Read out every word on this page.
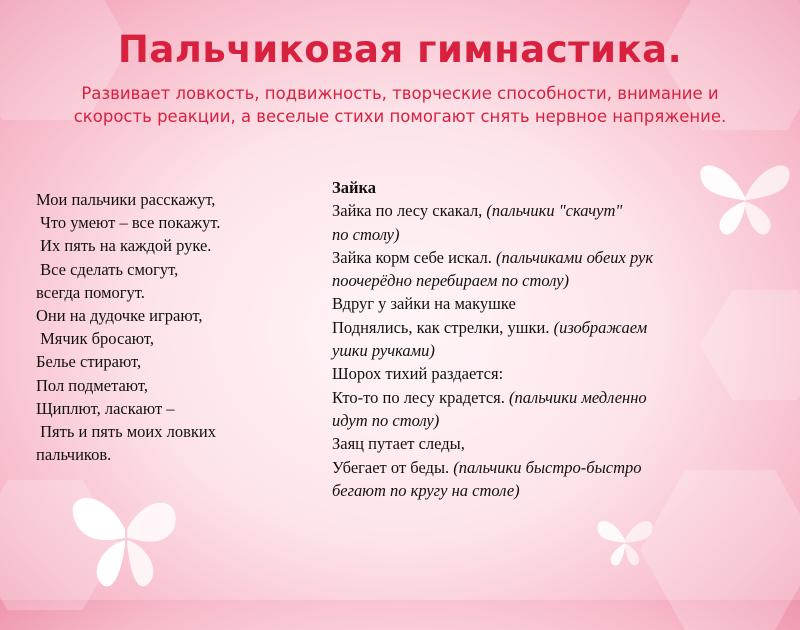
Пальчиковая гимнастика.

Развивает ловкость, подвижность, творческие способности, внимание и скорость реакции, а веселые стихи помогают снять нервное напряжение.

Мои пальчики расскажут,
Что умеют – все покажут.
Их пять на каждой руке.
Все сделать смогут,
всегда помогут.
Они на дудочке играют,
Мячик бросают,
Белье стирают,
Пол подметают,
Щиплют, ласкают –
Пять и пять моих ловких
пальчиков.
Зайка
Зайка по лесу скакал, (пальчики "скачут"
по столу)
Зайка корм себе искал. (пальчиками обеих рук
поочерёдно перебираем по столу)
Вдруг у зайки на макушке
Поднялись, как стрелки, ушки. (изображаем
ушки ручками)
Шорох тихий раздается:
Кто-то по лесу крадется. (пальчики медленно
идут по столу)
Заяц путает следы,
Убегает от беды. (пальчики быстро-быстро
бегают по кругу на столе)
